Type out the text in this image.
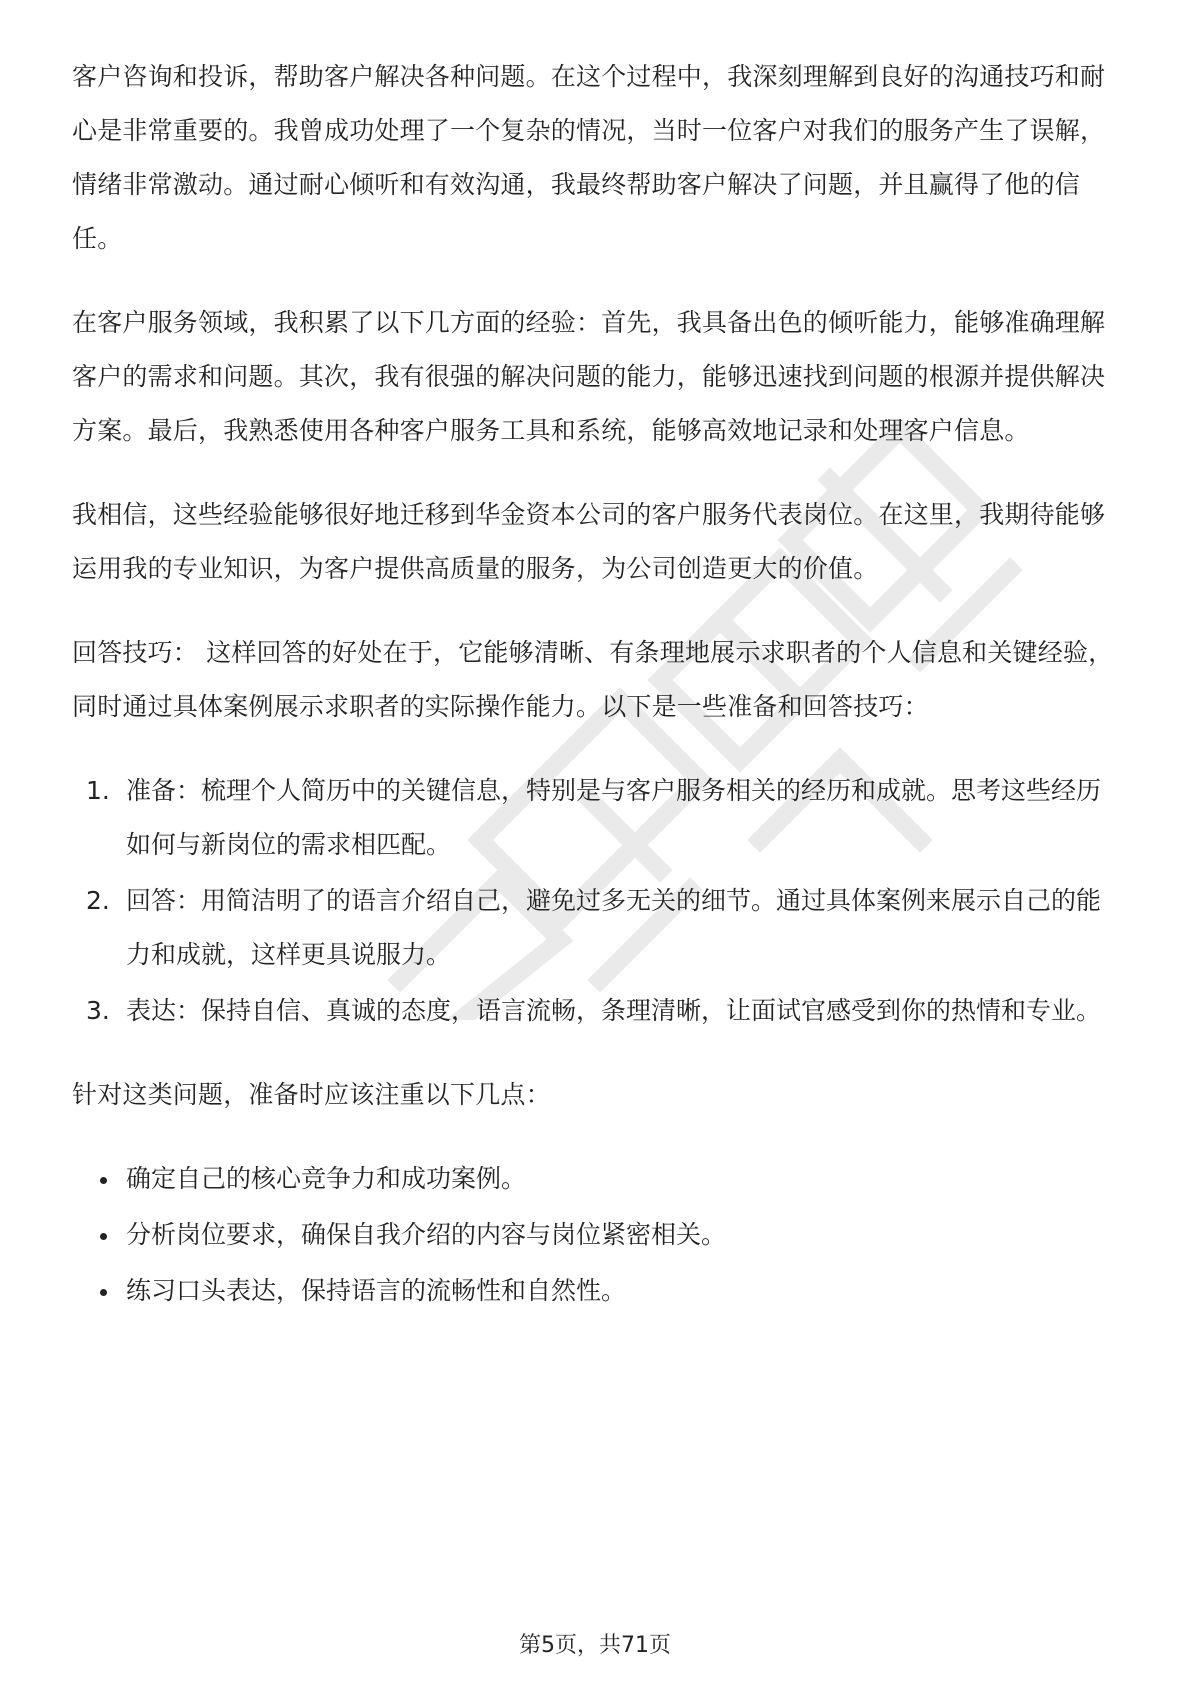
客户咨询和投诉，帮助客户解决各种问题。在这个过程中，我深刻理解到良好的沟通技巧和耐心是非常重要的。我曾成功处理了一个复杂的情况，当时一位客户对我们的服务产生了误解，情绪非常激动。通过耐心倾听和有效沟通，我最终帮助客户解决了问题，并且赢得了他的信任。

在客户服务领域，我积累了以下几方面的经验：首先，我具备出色的倾听能力，能够准确理解客户的需求和问题。其次，我有很强的解决问题的能力，能够迅速找到问题的根源并提供解决方案。最后，我熟悉使用各种客户服务工具和系统，能够高效地记录和处理客户信息。

我相信，这些经验能够很好地迁移到华金资本公司的客户服务代表岗位。在这里，我期待能够运用我的专业知识，为客户提供高质量的服务，为公司创造更大的价值。

回答技巧： 这样回答的好处在于，它能够清晰、有条理地展示求职者的个人信息和关键经验，同时通过具体案例展示求职者的实际操作能力。以下是一些准备和回答技巧：

1. 准备：梳理个人简历中的关键信息，特别是与客户服务相关的经历和成就。思考这些经历如何与新岗位的需求相匹配。
2. 回答：用简洁明了的语言介绍自己，避免过多无关的细节。通过具体案例来展示自己的能力和成就，这样更具说服力。
3. 表达：保持自信、真诚的态度，语言流畅，条理清晰，让面试官感受到你的热情和专业。

针对这类问题，准备时应该注重以下几点：

确定自己的核心竞争力和成功案例。
分析岗位要求，确保自我介绍的内容与岗位紧密相关。
练习口头表达，保持语言的流畅性和自然性。
第5页，共71页
